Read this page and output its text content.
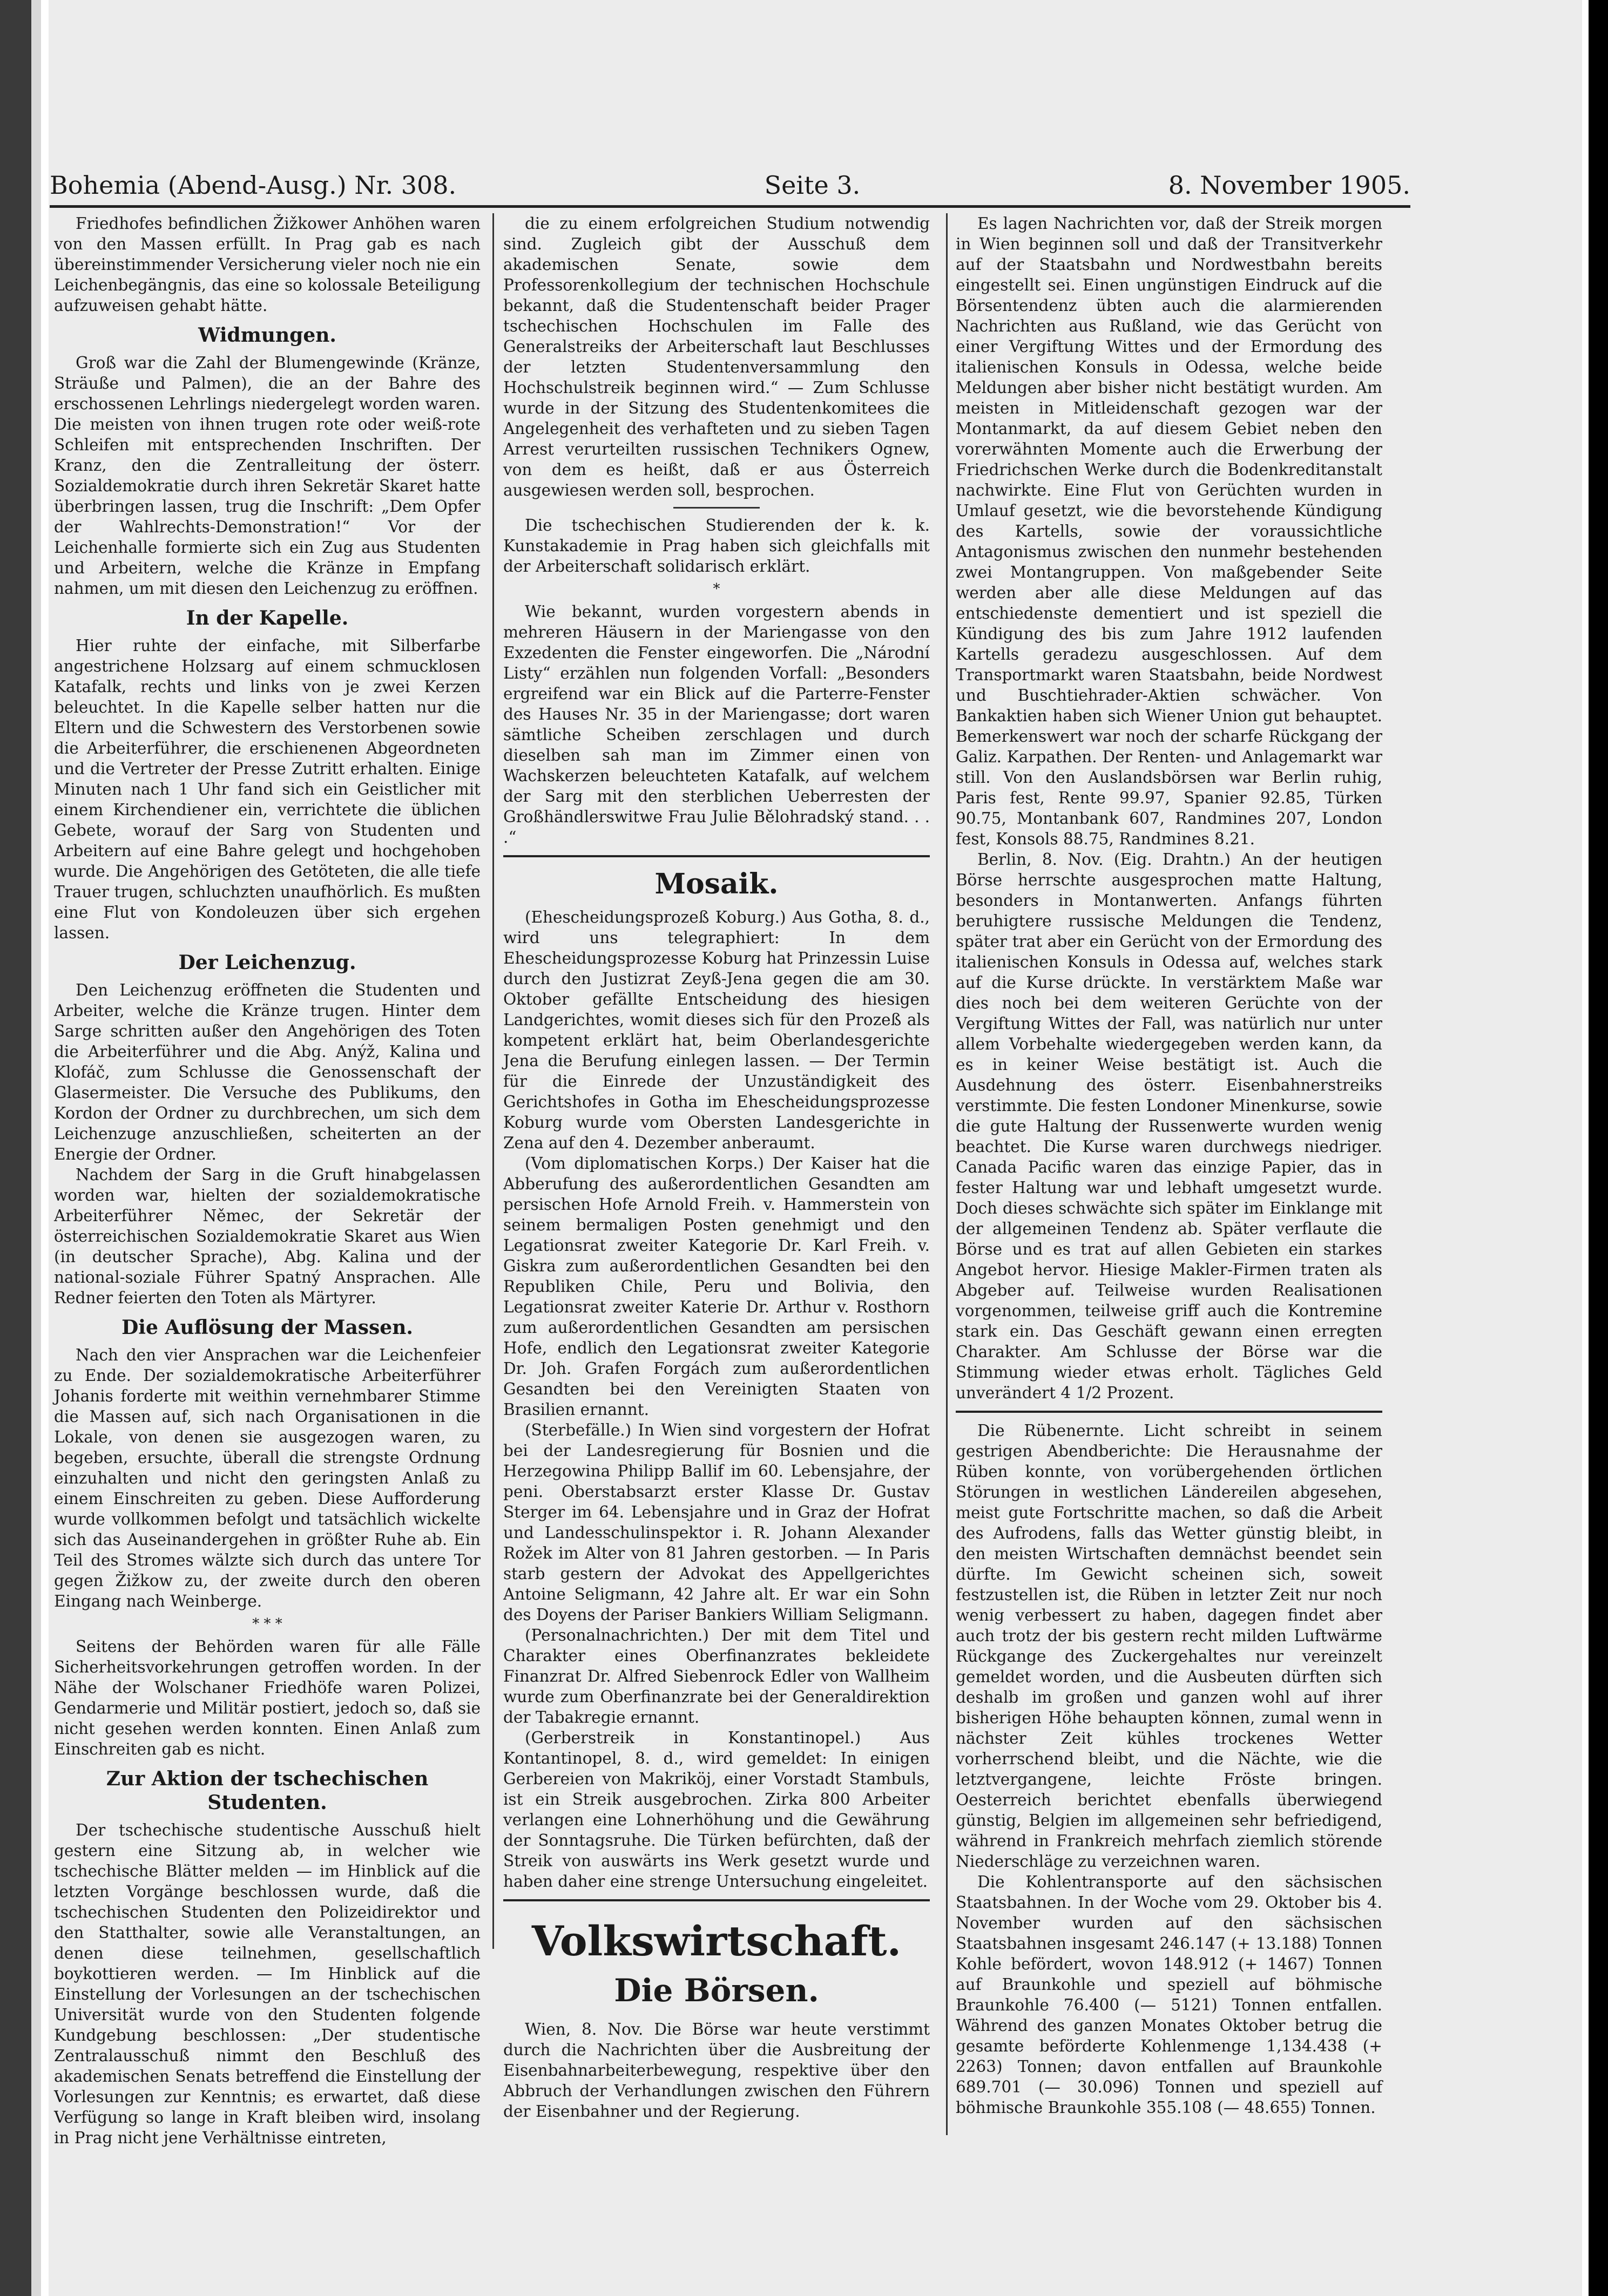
Bohemia (Abend-Ausg.) Nr. 308.	Seite 3.	8. November 1905.

Friedhofes befindlichen Žižkower Anhöhen waren von den Massen erfüllt. In Prag gab es nach übereinstimmender Versicherung vieler noch nie ein Leichenbegängnis, das eine so kolossale Beteiligung aufzuweisen gehabt hätte.

Widmungen.

Groß war die Zahl der Blumengewinde (Kränze, Sträuße und Palmen), die an der Bahre des erschossenen Lehrlings niedergelegt worden waren. Die meisten von ihnen trugen rote oder weiß-rote Schleifen mit entsprechenden Inschriften. Der Kranz, den die Zentralleitung der österr. Sozialdemokratie durch ihren Sekretär Skaret hatte überbringen lassen, trug die Inschrift: „Dem Opfer der Wahlrechts-Demonstration!“ Vor der Leichenhalle formierte sich ein Zug aus Studenten und Arbeitern, welche die Kränze in Empfang nahmen, um mit diesen den Leichenzug zu eröffnen.

In der Kapelle.

Hier ruhte der einfache, mit Silberfarbe angestrichene Holzsarg auf einem schmucklosen Katafalk, rechts und links von je zwei Kerzen beleuchtet. In die Kapelle selber hatten nur die Eltern und die Schwestern des Verstorbenen sowie die Arbeiterführer, die erschienenen Abgeordneten und die Vertreter der Presse Zutritt erhalten. Einige Minuten nach 1 Uhr fand sich ein Geistlicher mit einem Kirchendiener ein, verrichtete die üblichen Gebete, worauf der Sarg von Studenten und Arbeitern auf eine Bahre gelegt und hochgehoben wurde. Die Angehörigen des Getöteten, die alle tiefe Trauer trugen, schluchzten unaufhörlich. Es mußten eine Flut von Kondoleuzen über sich ergehen lassen.

Der Leichenzug.

Den Leichenzug eröffneten die Studenten und Arbeiter, welche die Kränze trugen. Hinter dem Sarge schritten außer den Angehörigen des Toten die Arbeiterführer und die Abg. Anýž, Kalina und Klofáč, zum Schlusse die Genossenschaft der Glasermeister. Die Versuche des Publikums, den Kordon der Ordner zu durchbrechen, um sich dem Leichenzuge anzuschließen, scheiterten an der Energie der Ordner.

Nachdem der Sarg in die Gruft hinabgelassen worden war, hielten der sozialdemokratische Arbeiterführer Němec, der Sekretär der österreichischen Sozialdemokratie Skaret aus Wien (in deutscher Sprache), Abg. Kalina und der national-soziale Führer Spatný Ansprachen. Alle Redner feierten den Toten als Märtyrer.

Die Auflösung der Massen.

Nach den vier Ansprachen war die Leichenfeier zu Ende. Der sozialdemokratische Arbeiterführer Johanis forderte mit weithin vernehmbarer Stimme die Massen auf, sich nach Organisationen in die Lokale, von denen sie ausgezogen waren, zu begeben, ersuchte, überall die strengste Ordnung einzuhalten und nicht den geringsten Anlaß zu einem Einschreiten zu geben. Diese Aufforderung wurde vollkommen befolgt und tatsächlich wickelte sich das Auseinandergehen in größter Ruhe ab. Ein Teil des Stromes wälzte sich durch das untere Tor gegen Žižkow zu, der zweite durch den oberen Eingang nach Weinberge.

* * *

Seitens der Behörden waren für alle Fälle Sicherheitsvorkehrungen getroffen worden. In der Nähe der Wolschaner Friedhöfe waren Polizei, Gendarmerie und Militär postiert, jedoch so, daß sie nicht gesehen werden konnten. Einen Anlaß zum Einschreiten gab es nicht.

Zur Aktion der tschechischen Studenten.

Der tschechische studentische Ausschuß hielt gestern eine Sitzung ab, in welcher wie tschechische Blätter melden — im Hinblick auf die letzten Vorgänge beschlossen wurde, daß die tschechischen Studenten den Polizeidirektor und den Statthalter, sowie alle Veranstaltungen, an denen diese teilnehmen, gesellschaftlich boykottieren werden. — Im Hinblick auf die Einstellung der Vorlesungen an der tschechischen Universität wurde von den Studenten folgende Kundgebung beschlossen: „Der studentische Zentralausschuß nimmt den Beschluß des akademischen Senats betreffend die Einstellung der Vorlesungen zur Kenntnis; es erwartet, daß diese Verfügung so lange in Kraft bleiben wird, insolang in Prag nicht jene Verhältnisse eintreten,

die zu einem erfolgreichen Studium notwendig sind. Zugleich gibt der Ausschuß dem akademischen Senate, sowie dem Professorenkollegium der technischen Hochschule bekannt, daß die Studentenschaft beider Prager tschechischen Hochschulen im Falle des Generalstreiks der Arbeiterschaft laut Beschlusses der letzten Studentenversammlung den Hochschulstreik beginnen wird.“ — Zum Schlusse wurde in der Sitzung des Studentenkomitees die Angelegenheit des verhafteten und zu sieben Tagen Arrest verurteilten russischen Technikers Ognew, von dem es heißt, daß er aus Österreich ausgewiesen werden soll, besprochen.

Die tschechischen Studierenden der k. k. Kunstakademie in Prag haben sich gleichfalls mit der Arbeiterschaft solidarisch erklärt.

*

Wie bekannt, wurden vorgestern abends in mehreren Häusern in der Mariengasse von den Exzedenten die Fenster eingeworfen. Die „Národní Listy“ erzählen nun folgenden Vorfall: „Besonders ergreifend war ein Blick auf die Parterre-Fenster des Hauses Nr. 35 in der Mariengasse; dort waren sämtliche Scheiben zerschlagen und durch dieselben sah man im Zimmer einen von Wachskerzen beleuchteten Katafalk, auf welchem der Sarg mit den sterblichen Ueberresten der Großhändlerswitwe Frau Julie Bělohradský stand. . . .“

Mosaik.

(Ehescheidungsprozeß Koburg.) Aus Gotha, 8. d., wird uns telegraphiert: In dem Ehescheidungsprozesse Koburg hat Prinzessin Luise durch den Justizrat Zeyß-Jena gegen die am 30. Oktober gefällte Entscheidung des hiesigen Landgerichtes, womit dieses sich für den Prozeß als kompetent erklärt hat, beim Oberlandesgerichte Jena die Berufung einlegen lassen. — Der Termin für die Einrede der Unzuständigkeit des Gerichtshofes in Gotha im Ehescheidungsprozesse Koburg wurde vom Obersten Landesgerichte in Zena auf den 4. Dezember anberaumt.

(Vom diplomatischen Korps.) Der Kaiser hat die Abberufung des außerordentlichen Gesandten am persischen Hofe Arnold Freih. v. Hammerstein von seinem bermaligen Posten genehmigt und den Legationsrat zweiter Kategorie Dr. Karl Freih. v. Giskra zum außerordentlichen Gesandten bei den Republiken Chile, Peru und Bolivia, den Legationsrat zweiter Katerie Dr. Arthur v. Rosthorn zum außerordentlichen Gesandten am persischen Hofe, endlich den Legationsrat zweiter Kategorie Dr. Joh. Grafen Forgách zum außerordentlichen Gesandten bei den Vereinigten Staaten von Brasilien ernannt.

(Sterbefälle.) In Wien sind vorgestern der Hofrat bei der Landesregierung für Bosnien und die Herzegowina Philipp Ballif im 60. Lebensjahre, der peni. Oberstabsarzt erster Klasse Dr. Gustav Sterger im 64. Lebensjahre und in Graz der Hofrat und Landesschulinspektor i. R. Johann Alexander Rožek im Alter von 81 Jahren gestorben. — In Paris starb gestern der Advokat des Appellgerichtes Antoine Seligmann, 42 Jahre alt. Er war ein Sohn des Doyens der Pariser Bankiers William Seligmann.

(Personalnachrichten.) Der mit dem Titel und Charakter eines Oberfinanzrates bekleidete Finanzrat Dr. Alfred Siebenrock Edler von Wallheim wurde zum Oberfinanzrate bei der Generaldirektion der Tabakregie ernannt.

(Gerberstreik in Konstantinopel.) Aus Kontantinopel, 8. d., wird gemeldet: In einigen Gerbereien von Makriköj, einer Vorstadt Stambuls, ist ein Streik ausgebrochen. Zirka 800 Arbeiter verlangen eine Lohnerhöhung und die Gewährung der Sonntagsruhe. Die Türken befürchten, daß der Streik von auswärts ins Werk gesetzt wurde und haben daher eine strenge Untersuchung eingeleitet.

Volkswirtschaft.
Die Börsen.

Wien, 8. Nov. Die Börse war heute verstimmt durch die Nachrichten über die Ausbreitung der Eisenbahnarbeiterbewegung, respektive über den Abbruch der Verhandlungen zwischen den Führern der Eisenbahner und der Regierung.

Es lagen Nachrichten vor, daß der Streik morgen in Wien beginnen soll und daß der Transitverkehr auf der Staatsbahn und Nordwestbahn bereits eingestellt sei. Einen ungünstigen Eindruck auf die Börsentendenz übten auch die alarmierenden Nachrichten aus Rußland, wie das Gerücht von einer Vergiftung Wittes und der Ermordung des italienischen Konsuls in Odessa, welche beide Meldungen aber bisher nicht bestätigt wurden. Am meisten in Mitleidenschaft gezogen war der Montanmarkt, da auf diesem Gebiet neben den vorerwähnten Momente auch die Erwerbung der Friedrichschen Werke durch die Bodenkreditanstalt nachwirkte. Eine Flut von Gerüchten wurden in Umlauf gesetzt, wie die bevorstehende Kündigung des Kartells, sowie der voraussichtliche Antagonismus zwischen den nunmehr bestehenden zwei Montangruppen. Von maßgebender Seite werden aber alle diese Meldungen auf das entschiedenste dementiert und ist speziell die Kündigung des bis zum Jahre 1912 laufenden Kartells geradezu ausgeschlossen. Auf dem Transportmarkt waren Staatsbahn, beide Nordwest und Buschtiehrader-Aktien schwächer. Von Bankaktien haben sich Wiener Union gut behauptet. Bemerkenswert war noch der scharfe Rückgang der Galiz. Karpathen. Der Renten- und Anlagemarkt war still. Von den Auslandsbörsen war Berlin ruhig, Paris fest, Rente 99.97, Spanier 92.85, Türken 90.75, Montanbank 607, Randmines 207, London fest, Konsols 88.75, Randmines 8.21.

Berlin, 8. Nov. (Eig. Drahtn.) An der heutigen Börse herrschte ausgesprochen matte Haltung, besonders in Montanwerten. Anfangs führten beruhigtere russische Meldungen die Tendenz, später trat aber ein Gerücht von der Ermordung des italienischen Konsuls in Odessa auf, welches stark auf die Kurse drückte. In verstärktem Maße war dies noch bei dem weiteren Gerüchte von der Vergiftung Wittes der Fall, was natürlich nur unter allem Vorbehalte wiedergegeben werden kann, da es in keiner Weise bestätigt ist. Auch die Ausdehnung des österr. Eisenbahnerstreiks verstimmte. Die festen Londoner Minenkurse, sowie die gute Haltung der Russenwerte wurden wenig beachtet. Die Kurse waren durchwegs niedriger. Canada Pacific waren das einzige Papier, das in fester Haltung war und lebhaft umgesetzt wurde. Doch dieses schwächte sich später im Einklange mit der allgemeinen Tendenz ab. Später verflaute die Börse und es trat auf allen Gebieten ein starkes Angebot hervor. Hiesige Makler-Firmen traten als Abgeber auf. Teilweise wurden Realisationen vorgenommen, teilweise griff auch die Kontremine stark ein. Das Geschäft gewann einen erregten Charakter. Am Schlusse der Börse war die Stimmung wieder etwas erholt. Tägliches Geld unverändert 4 1/2 Prozent.

Die Rübenernte. Licht schreibt in seinem gestrigen Abendberichte: Die Herausnahme der Rüben konnte, von vorübergehenden örtlichen Störungen in westlichen Ländereilen abgesehen, meist gute Fortschritte machen, so daß die Arbeit des Aufrodens, falls das Wetter günstig bleibt, in den meisten Wirtschaften demnächst beendet sein dürfte. Im Gewicht scheinen sich, soweit festzustellen ist, die Rüben in letzter Zeit nur noch wenig verbessert zu haben, dagegen findet aber auch trotz der bis gestern recht milden Luftwärme Rückgange des Zuckergehaltes nur vereinzelt gemeldet worden, und die Ausbeuten dürften sich deshalb im großen und ganzen wohl auf ihrer bisherigen Höhe behaupten können, zumal wenn in nächster Zeit kühles trockenes Wetter vorherrschend bleibt, und die Nächte, wie die letztvergangene, leichte Fröste bringen. Oesterreich berichtet ebenfalls überwiegend günstig, Belgien im allgemeinen sehr befriedigend, während in Frankreich mehrfach ziemlich störende Niederschläge zu verzeichnen waren.

Die Kohlentransporte auf den sächsischen Staatsbahnen. In der Woche vom 29. Oktober bis 4. November wurden auf den sächsischen Staatsbahnen insgesamt 246.147 (+ 13.188) Tonnen Kohle befördert, wovon 148.912 (+ 1467) Tonnen auf Braunkohle und speziell auf böhmische Braunkohle 76.400 (— 5121) Tonnen entfallen. Während des ganzen Monates Oktober betrug die gesamte beförderte Kohlenmenge 1,134.438 (+ 2263) Tonnen; davon entfallen auf Braunkohle 689.701 (— 30.096) Tonnen und speziell auf böhmische Braunkohle 355.108 (— 48.655) Tonnen.
